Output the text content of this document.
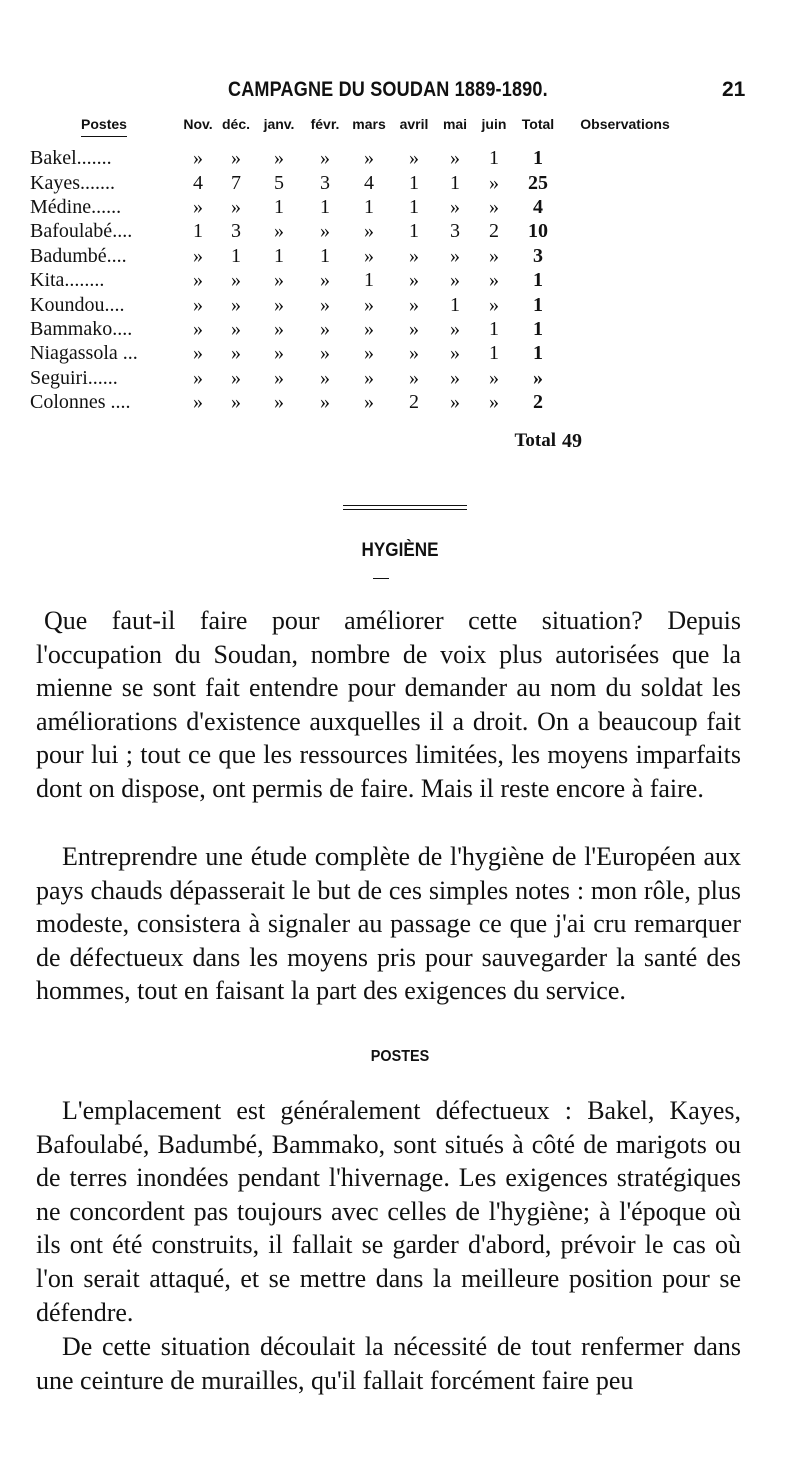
CAMPAGNE DU SOUDAN 1889-1890.	21
Postes	Nov.	déc.	janv.	févr.	mars	avril	mai	juin	Total	Observations
Bakel.......	»	»	»	»	»	»	»	1	1	
Kayes.......	4	7	5	3	4	1	1	»	25	
Médine......	»	»	1	1	1	1	»	»	4	
Bafoulabé....	1	3	»	»	»	1	3	2	10	
Badumbé....	»	1	1	1	»	»	»	»	3	
Kita........	»	»	»	»	1	»	»	»	1	
Koundou....	»	»	»	»	»	»	1	»	1	
Bammako....	»	»	»	»	»	»	»	1	1	
Niagassola ...	»	»	»	»	»	»	»	1	1	
Seguiri......	»	»	»	»	»	»	»	»	»	
Colonnes ....	»	»	»	»	»	2	»	»	2	
								Total		49
HYGIÈNE

Que faut-il faire pour améliorer cette situation? Depuis l'occupation du Soudan, nombre de voix plus autorisées que la mienne se sont fait entendre pour demander au nom du soldat les améliorations d'existence auxquelles il a droit. On a beaucoup fait pour lui ; tout ce que les ressources limitées, les moyens imparfaits dont on dispose, ont permis de faire. Mais il reste encore à faire.

Entreprendre une étude complète de l'hygiène de l'Européen aux pays chauds dépasserait le but de ces simples notes : mon rôle, plus modeste, consistera à signaler au passage ce que j'ai cru remarquer de défectueux dans les moyens pris pour sauvegarder la santé des hommes, tout en faisant la part des exigences du service.

POSTES

L'emplacement est généralement défectueux : Bakel, Kayes, Bafoulabé, Badumbé, Bammako, sont situés à côté de marigots ou de terres inondées pendant l'hivernage. Les exigences stratégiques ne concordent pas toujours avec celles de l'hygiène; à l'époque où ils ont été construits, il fallait se garder d'abord, prévoir le cas où l'on serait attaqué, et se mettre dans la meilleure position pour se défendre.

De cette situation découlait la nécessité de tout renfermer dans une ceinture de murailles, qu'il fallait forcément faire peu
